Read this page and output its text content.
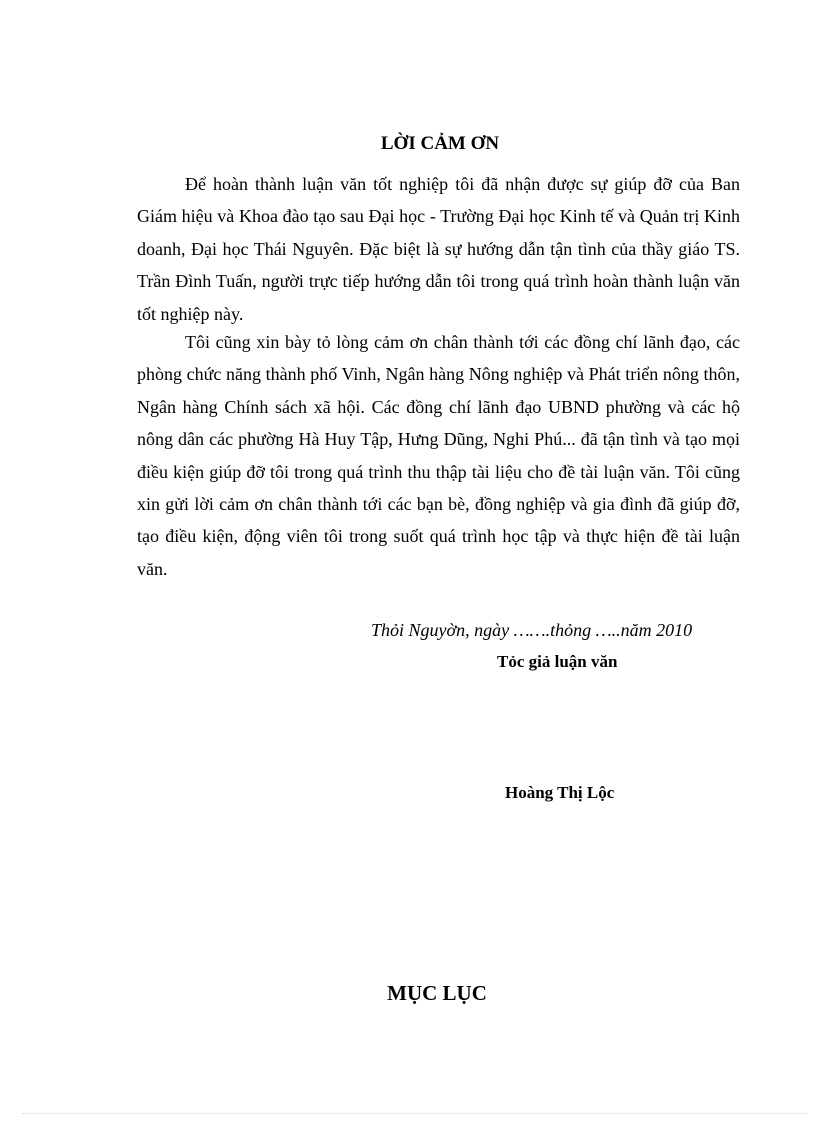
LỜI CẢM ƠN

Để hoàn thành luận văn tốt nghiệp tôi đã nhận được sự giúp đỡ của Ban Giám hiệu và Khoa đào tạo sau Đại học - Trường Đại học Kinh tế và Quản trị Kinh doanh, Đại học Thái Nguyên. Đặc biệt là sự hướng dẫn tận tình của thầy giáo TS. Trần Đình Tuấn, người trực tiếp hướng dẫn tôi trong quá trình hoàn thành luận văn tốt nghiệp này.

Tôi cũng xin bày tỏ lòng cảm ơn chân thành tới các đồng chí lãnh đạo, các phòng chức năng thành phố Vinh, Ngân hàng Nông nghiệp và Phát triển nông thôn, Ngân hàng Chính sách xã hội. Các đồng chí lãnh đạo UBND phường và các hộ nông dân các phường Hà Huy Tập, Hưng Dũng, Nghi Phú... đã tận tình và tạo mọi điều kiện giúp đỡ tôi trong quá trình thu thập tài liệu cho đề tài luận văn. Tôi cũng xin gửi lời cảm ơn chân thành tới các bạn bè, đồng nghiệp và gia đình đã giúp đỡ, tạo điều kiện, động viên tôi trong suốt quá trình học tập và thực hiện đề tài luận văn.

Thỏi Nguyờn, ngày …….thỏng …..năm 2010

Tỏc giả luận văn

Hoàng Thị Lộc

MỤC LỤC
